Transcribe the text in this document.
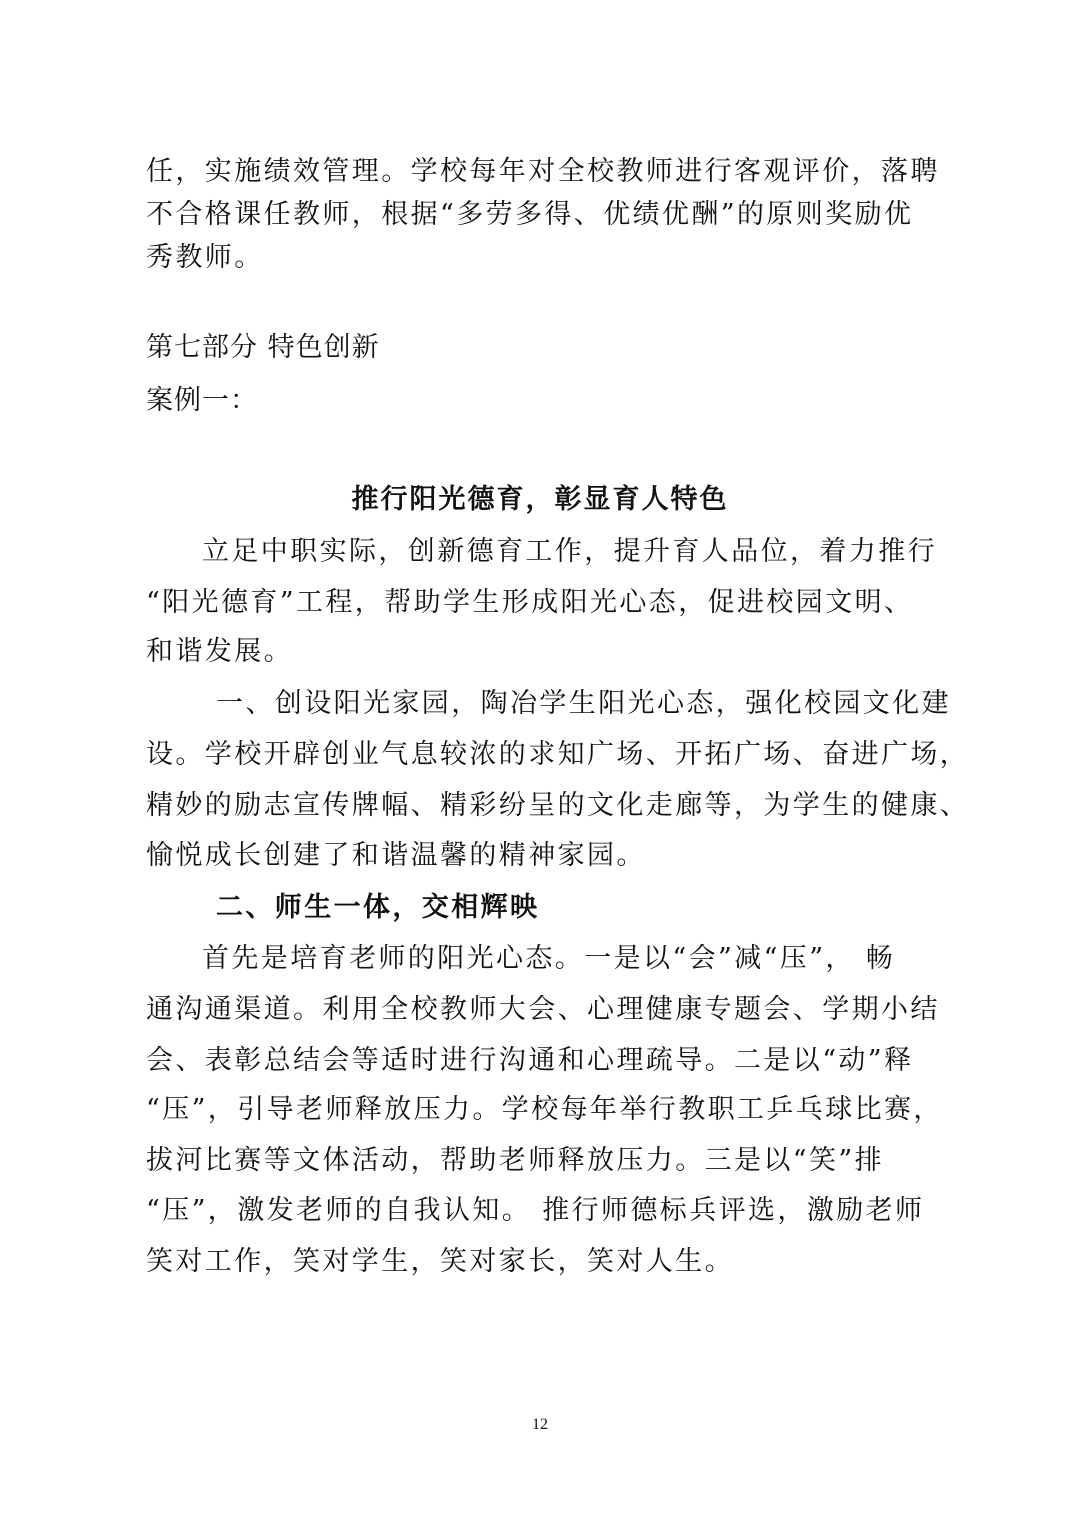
任，实施绩效管理。学校每年对全校教师进行客观评价，落聘
不合格课任教师，根据“多劳多得、优绩优酬”的原则奖励优
秀教师。
第七部分 特色创新
案例一：
推行阳光德育，彰显育人特色
立足中职实际，创新德育工作，提升育人品位，着力推行
“阳光德育”工程，帮助学生形成阳光心态，促进校园文明、
和谐发展。
一、创设阳光家园，陶冶学生阳光心态，强化校园文化建
设。学校开辟创业气息较浓的求知广场、开拓广场、奋进广场，
精妙的励志宣传牌幅、精彩纷呈的文化走廊等，为学生的健康、
愉悦成长创建了和谐温馨的精神家园。
二、师生一体，交相辉映
首先是培育老师的阳光心态。一是以“会”减“压”， 畅
通沟通渠道。利用全校教师大会、心理健康专题会、学期小结
会、表彰总结会等适时进行沟通和心理疏导。二是以“动”释
“压”，引导老师释放压力。学校每年举行教职工乒乓球比赛，
拔河比赛等文体活动，帮助老师释放压力。三是以“笑”排
“压”，激发老师的自我认知。 推行师德标兵评选，激励老师
笑对工作，笑对学生，笑对家长，笑对人生。
12
